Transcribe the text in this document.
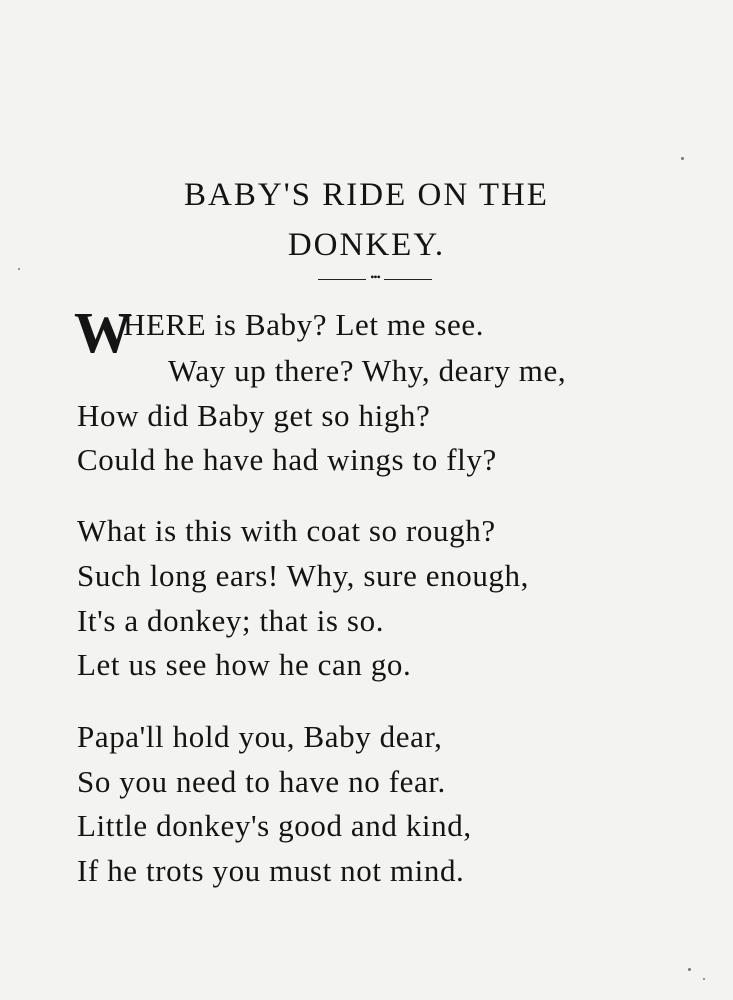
BABY'S RIDE ON THE
DONKEY.
•••
W
HERE is Baby? Let me see.
Way up there? Why, deary me,
How did Baby get so high?
Could he have had wings to fly?
What is this with coat so rough?
Such long ears! Why, sure enough,
It's a donkey; that is so.
Let us see how he can go.
Papa'll hold you, Baby dear,
So you need to have no fear.
Little donkey's good and kind,
If he trots you must not mind.
